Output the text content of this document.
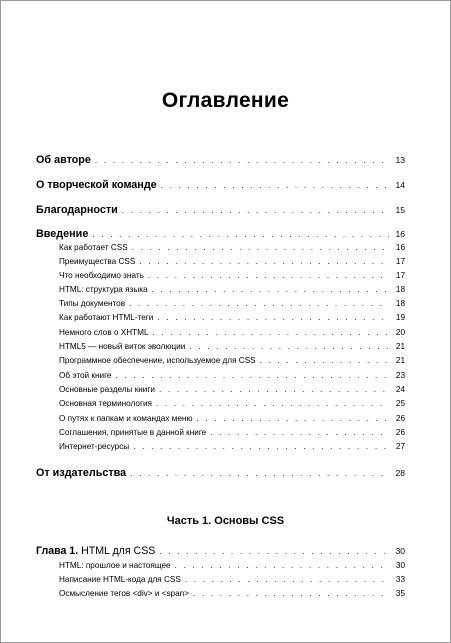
Оглавление
Об авторе . . .	13
О творческой команде . . .	14
Благодарности . . .	15
Введение . . .	16
Как работает CSS . . .	16
Преимущества CSS . . .	17
Что необходимо знать . . .	17
HTML: структура языка . . .	18
Типы документов . . .	18
Как работают HTML-теги . . .	19
Немного слов о XHTML . . .	20
HTML5 — новый виток эволюции . . .	21
Программное обеспечение, используемое для CSS . . .	21
Об этой книге . . .	23
Основные разделы книги . . .	24
Основная терминология . . .	25
О путях к папкам и командах меню . . .	26
Соглашения, принятые в данной книге . . .	26
Интернет-ресурсы . . .	27
От издательства . . .	28
Часть 1. Основы CSS
Глава 1. HTML для CSS . . .	30
HTML: прошлое и настоящее . . .	30
Написание HTML-кода для CSS . . .	33
Осмысление тегов <div> и <span> . . .	35
